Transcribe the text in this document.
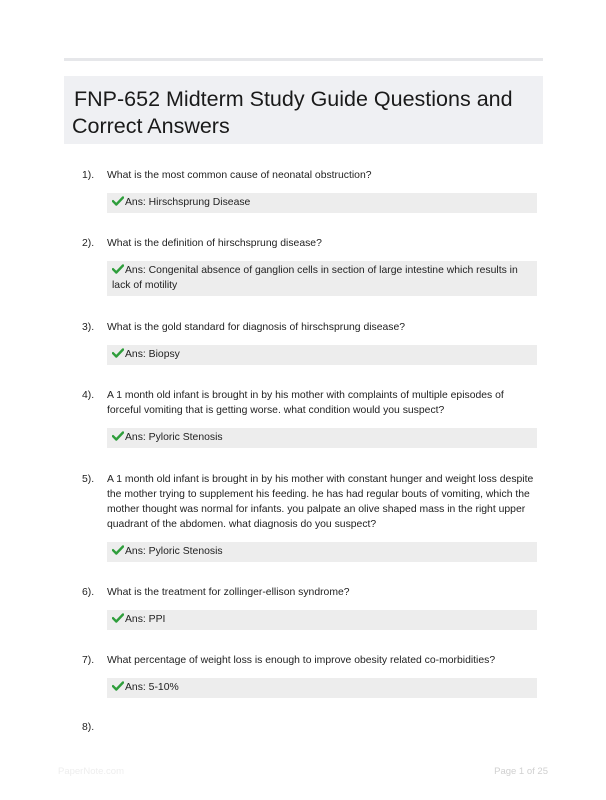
FNP-652 Midterm Study Guide Questions and Correct Answers
1).	What is the most common cause of neonatal obstruction?
Ans: Hirschsprung Disease
2).	What is the definition of hirschsprung disease?
Ans: Congenital absence of ganglion cells in section of large intestine which results in lack of motility
3).	What is the gold standard for diagnosis of hirschsprung disease?
Ans: Biopsy
4).	A 1 month old infant is brought in by his mother with complaints of multiple episodes of forceful vomiting that is getting worse. what condition would you suspect?
Ans: Pyloric Stenosis
5).	A 1 month old infant is brought in by his mother with constant hunger and weight loss despite the mother trying to supplement his feeding. he has had regular bouts of vomiting, which the mother thought was normal for infants. you palpate an olive shaped mass in the right upper quadrant of the abdomen. what diagnosis do you suspect?
Ans: Pyloric Stenosis
6).	What is the treatment for zollinger-ellison syndrome?
Ans: PPI
7).	What percentage of weight loss is enough to improve obesity related co-morbidities?
Ans: 5-10%
8).
PaperNote.com	Page 1 of 25
